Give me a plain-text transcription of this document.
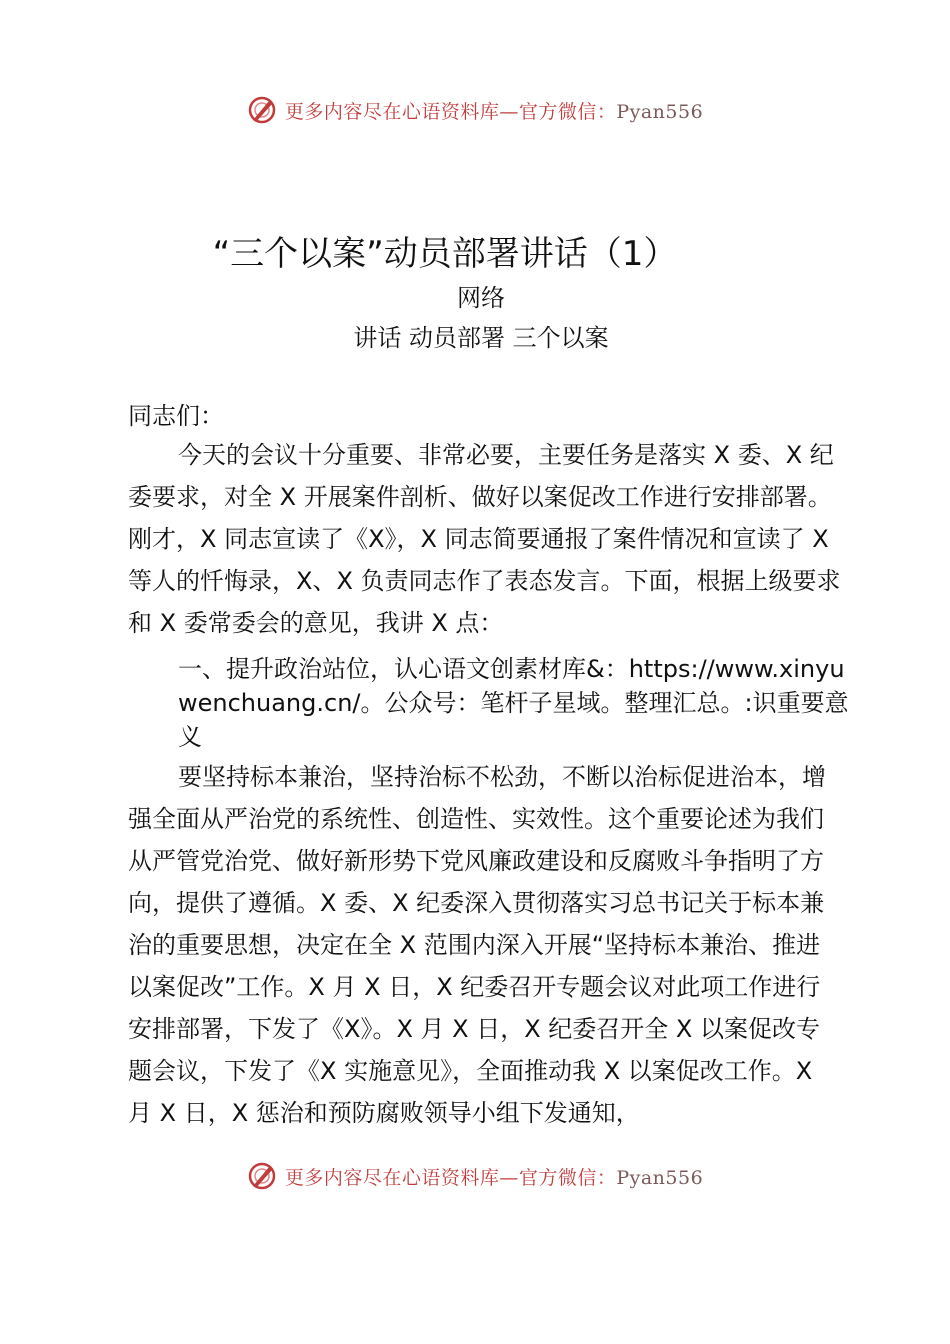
更多内容尽在心语资料库—官方微信：Pyan556
“三个以案”动员部署讲话（1）
网络
讲话 动员部署 三个以案
同志们：

今天的会议十分重要、非常必要，主要任务是落实 X 委、X 纪委要求，对全 X 开展案件剖析、做好以案促改工作进行安排部署。刚才，X 同志宣读了《X》，X 同志简要通报了案件情况和宣读了 X 等人的忏悔录，X、X 负责同志作了表态发言。下面，根据上级要求和 X 委常委会的意见，我讲 X 点：

一、提升政治站位，认心语文创素材库&：https://www.xinyuwenchuang.cn/。公众号：笔杆子星域。整理汇总。:识重要意义

要坚持标本兼治，坚持治标不松劲，不断以治标促进治本，增强全面从严治党的系统性、创造性、实效性。这个重要论述为我们从严管党治党、做好新形势下党风廉政建设和反腐败斗争指明了方向，提供了遵循。X 委、X 纪委深入贯彻落实习总书记关于标本兼治的重要思想，决定在全 X 范围内深入开展“坚持标本兼治、推进以案促改”工作。X 月 X 日，X 纪委召开专题会议对此项工作进行安排部署，下发了《X》。X 月 X 日，X 纪委召开全 X 以案促改专题会议，下发了《X 实施意见》，全面推动我 X 以案促改工作。X 月 X 日，X 惩治和预防腐败领导小组下发通知，

更多内容尽在心语资料库—官方微信：Pyan556
